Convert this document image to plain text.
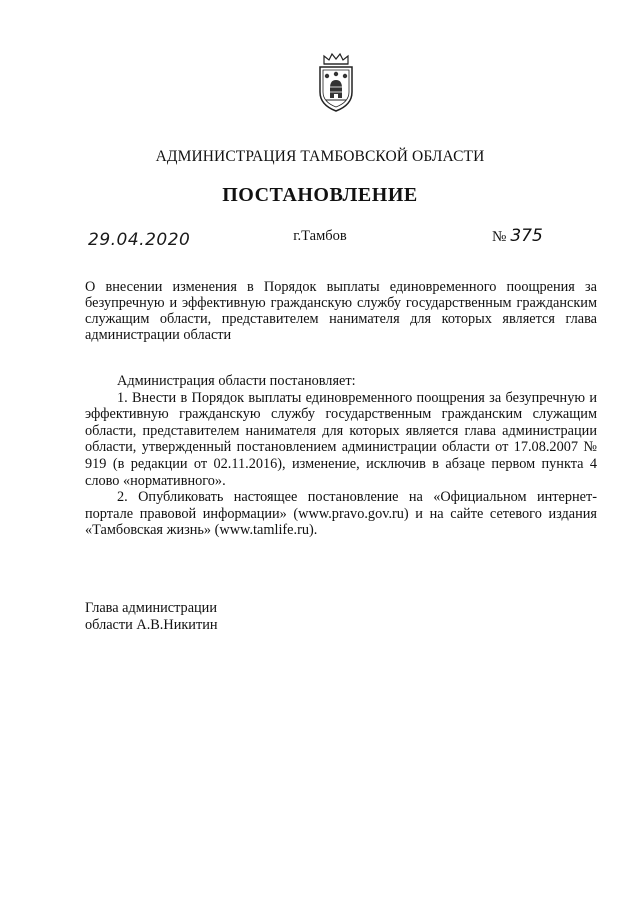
АДМИНИСТРАЦИЯ ТАМБОВСКОЙ ОБЛАСТИ
ПОСТАНОВЛЕНИЕ
29.04.2020	г.Тамбов	№ 375
О внесении изменения в Порядок выплаты единовременного поощрения за безупречную и эффективную гражданскую службу государственным гражданским служащим области, представителем нанимателя для которых является глава администрации области

Администрация области постановляет:

1. Внести в Порядок выплаты единовременного поощрения за безупречную и эффективную гражданскую службу государственным гражданским служащим области, представителем нанимателя для которых является глава администрации области, утвержденный постановлением администрации области от 17.08.2007 № 919 (в редакции от 02.11.2016), изменение, исключив в абзаце первом пункта 4 слово «нормативного».

2. Опубликовать настоящее постановление на «Официальном интернет-портале правовой информации» (www.pravo.gov.ru) и на сайте сетевого издания «Тамбовская жизнь» (www.tamlife.ru).

Глава администрации
области А.В.Никитин
